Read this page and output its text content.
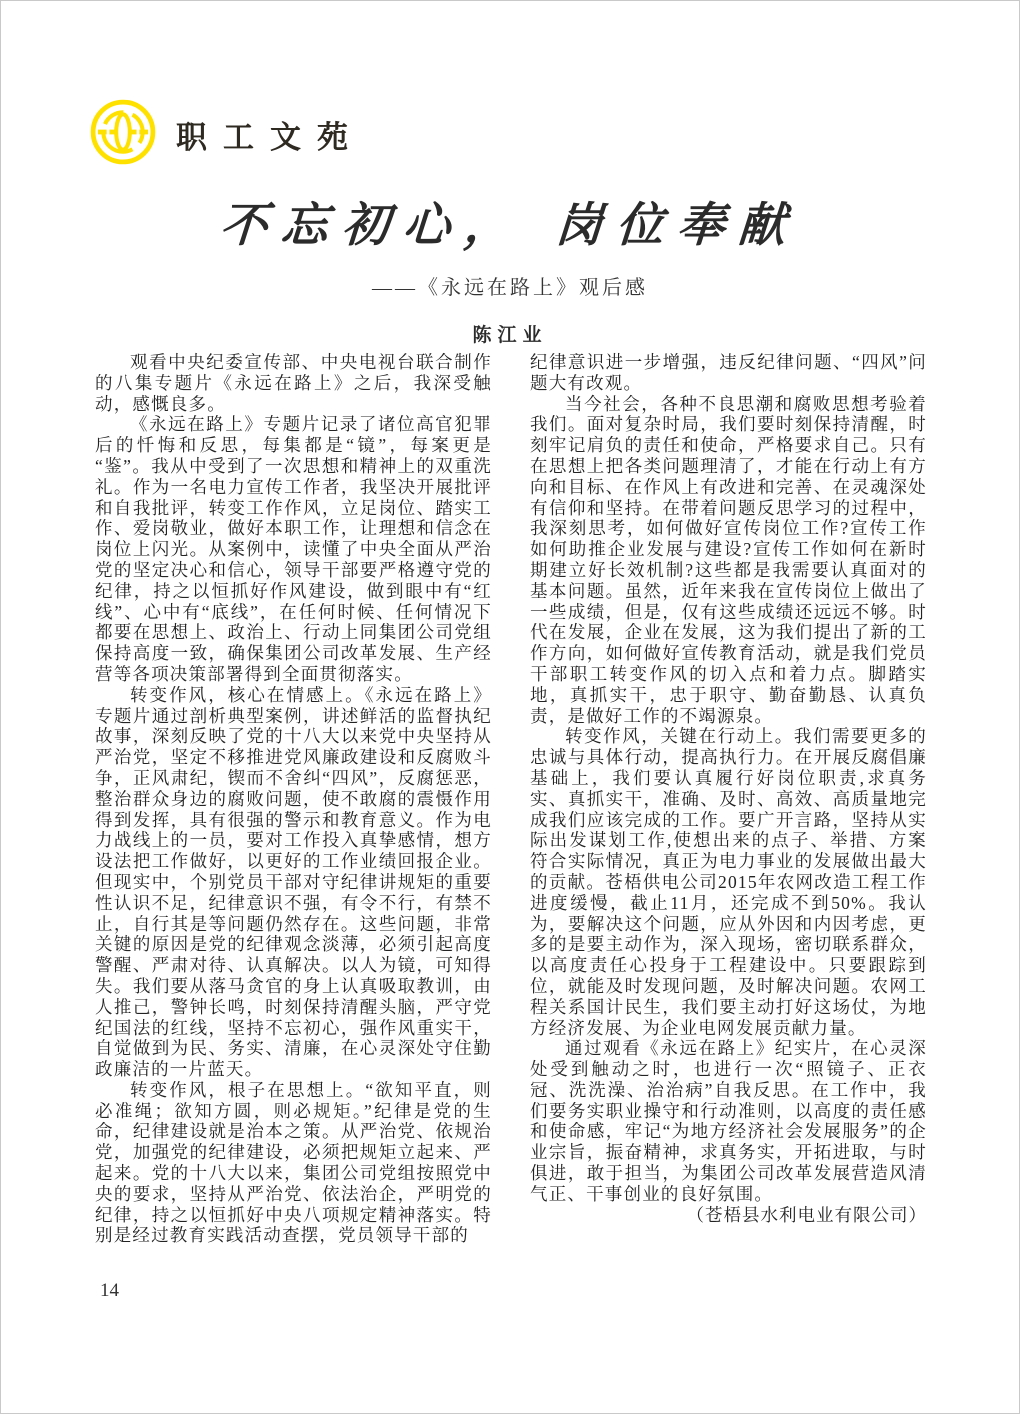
职工文苑
不忘初心， 岗位奉献
——《永远在路上》观后感
陈江业

观看中央纪委宣传部、中央电视台联合制作的八集专题片《永远在路上》之后，我深受触动，感慨良多。

《永远在路上》专题片记录了诸位高官犯罪后的忏悔和反思，每集都是“镜”，每案更是“鉴”。我从中受到了一次思想和精神上的双重洗礼。作为一名电力宣传工作者，我坚决开展批评和自我批评，转变工作作风，立足岗位、踏实工作、爱岗敬业，做好本职工作，让理想和信念在岗位上闪光。从案例中，读懂了中央全面从严治党的坚定决心和信心，领导干部要严格遵守党的纪律，持之以恒抓好作风建设，做到眼中有“红线”、心中有“底线”，在任何时候、任何情况下都要在思想上、政治上、行动上同集团公司党组保持高度一致，确保集团公司改革发展、生产经营等各项决策部署得到全面贯彻落实。

转变作风，核心在情感上。《永远在路上》专题片通过剖析典型案例，讲述鲜活的监督执纪故事，深刻反映了党的十八大以来党中央坚持从严治党，坚定不移推进党风廉政建设和反腐败斗争，正风肃纪，锲而不舍纠“四风”，反腐惩恶，整治群众身边的腐败问题，使不敢腐的震慑作用得到发挥，具有很强的警示和教育意义。作为电力战线上的一员，要对工作投入真挚感情，想方设法把工作做好，以更好的工作业绩回报企业。但现实中，个别党员干部对守纪律讲规矩的重要性认识不足，纪律意识不强，有令不行，有禁不止，自行其是等问题仍然存在。这些问题，非常关键的原因是党的纪律观念淡薄，必须引起高度警醒、严肃对待、认真解决。以人为镜，可知得失。我们要从落马贪官的身上认真吸取教训，由人推己，警钟长鸣，时刻保持清醒头脑，严守党纪国法的红线，坚持不忘初心，强作风重实干，自觉做到为民、务实、清廉，在心灵深处守住勤政廉洁的一片蓝天。

转变作风，根子在思想上。“欲知平直，则必准绳；欲知方圆，则必规矩。”纪律是党的生命，纪律建设就是治本之策。从严治党、依规治党，加强党的纪律建设，必须把规矩立起来、严起来。党的十八大以来，集团公司党组按照党中央的要求，坚持从严治党、依法治企，严明党的纪律，持之以恒抓好中央八项规定精神落实。特别是经过教育实践活动查摆，党员领导干部的

纪律意识进一步增强，违反纪律问题、“四风”问题大有改观。

当今社会，各种不良思潮和腐败思想考验着我们。面对复杂时局，我们要时刻保持清醒，时刻牢记肩负的责任和使命，严格要求自己。只有在思想上把各类问题理清了，才能在行动上有方向和目标、在作风上有改进和完善、在灵魂深处有信仰和坚持。在带着问题反思学习的过程中，我深刻思考，如何做好宣传岗位工作?宣传工作如何助推企业发展与建设?宣传工作如何在新时期建立好长效机制?这些都是我需要认真面对的基本问题。虽然，近年来我在宣传岗位上做出了一些成绩，但是，仅有这些成绩还远远不够。时代在发展，企业在发展，这为我们提出了新的工作方向，如何做好宣传教育活动，就是我们党员干部职工转变作风的切入点和着力点。脚踏实地，真抓实干，忠于职守、勤奋勤恳、认真负责，是做好工作的不竭源泉。

转变作风，关键在行动上。我们需要更多的忠诚与具体行动，提高执行力。在开展反腐倡廉基础上，我们要认真履行好岗位职责,求真务实、真抓实干，准确、及时、高效、高质量地完成我们应该完成的工作。要广开言路，坚持从实际出发谋划工作,使想出来的点子、举措、方案符合实际情况，真正为电力事业的发展做出最大的贡献。苍梧供电公司2015年农网改造工程工作进度缓慢，截止11月，还完成不到50%。我认为，要解决这个问题，应从外因和内因考虑，更多的是要主动作为，深入现场，密切联系群众，以高度责任心投身于工程建设中。只要跟踪到位，就能及时发现问题，及时解决问题。农网工程关系国计民生，我们要主动打好这场仗，为地方经济发展、为企业电网发展贡献力量。

通过观看《永远在路上》纪实片，在心灵深处受到触动之时，也进行一次“照镜子、正衣冠、洗洗澡、治治病”自我反思。在工作中，我们要务实职业操守和行动准则，以高度的责任感和使命感，牢记“为地方经济社会发展服务”的企业宗旨，振奋精神，求真务实，开拓进取，与时俱进，敢于担当，为集团公司改革发展营造风清气正、干事创业的良好氛围。

（苍梧县水利电业有限公司）

14
